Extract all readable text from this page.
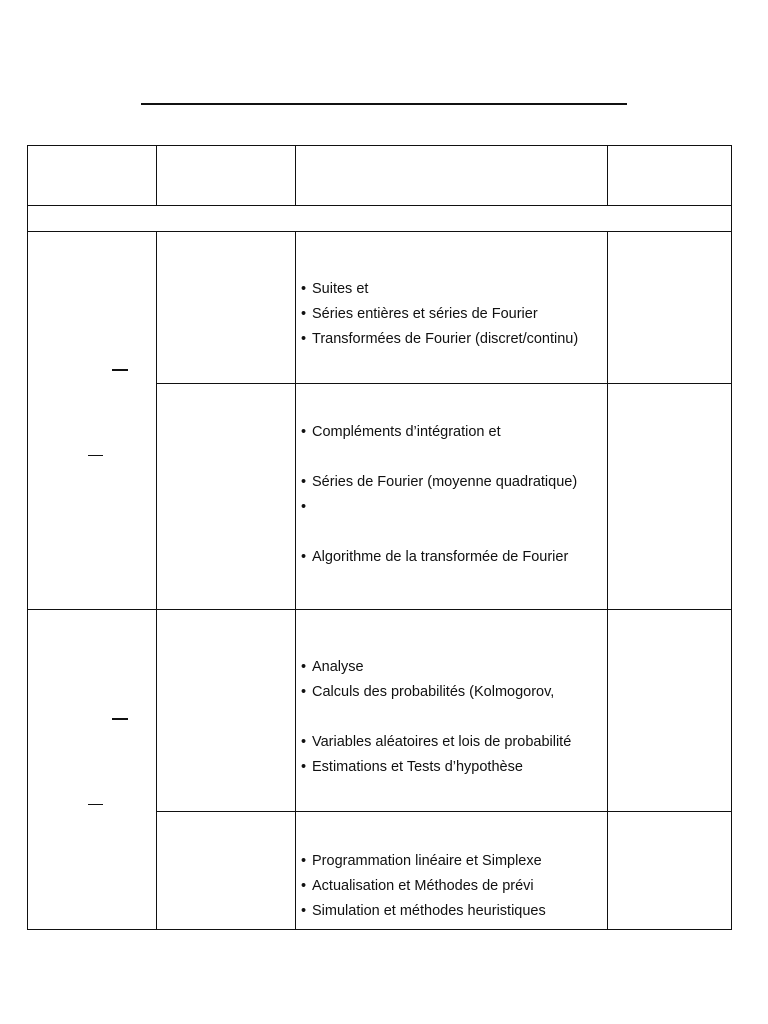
• Suites et
• Séries entières et séries de Fourier
• Transformées de Fourier (discret/continu)
• Compléments d’intégration et

• Séries de Fourier (moyenne quadratique)
•

• Algorithme de la transformée de Fourier
• Analyse
• Calculs des probabilités (Kolmogorov,

• Variables aléatoires et lois de probabilité
• Estimations et Tests d’hypothèse
• Programmation linéaire et Simplexe
• Actualisation et Méthodes de prévi
• Simulation et méthodes heuristiques
